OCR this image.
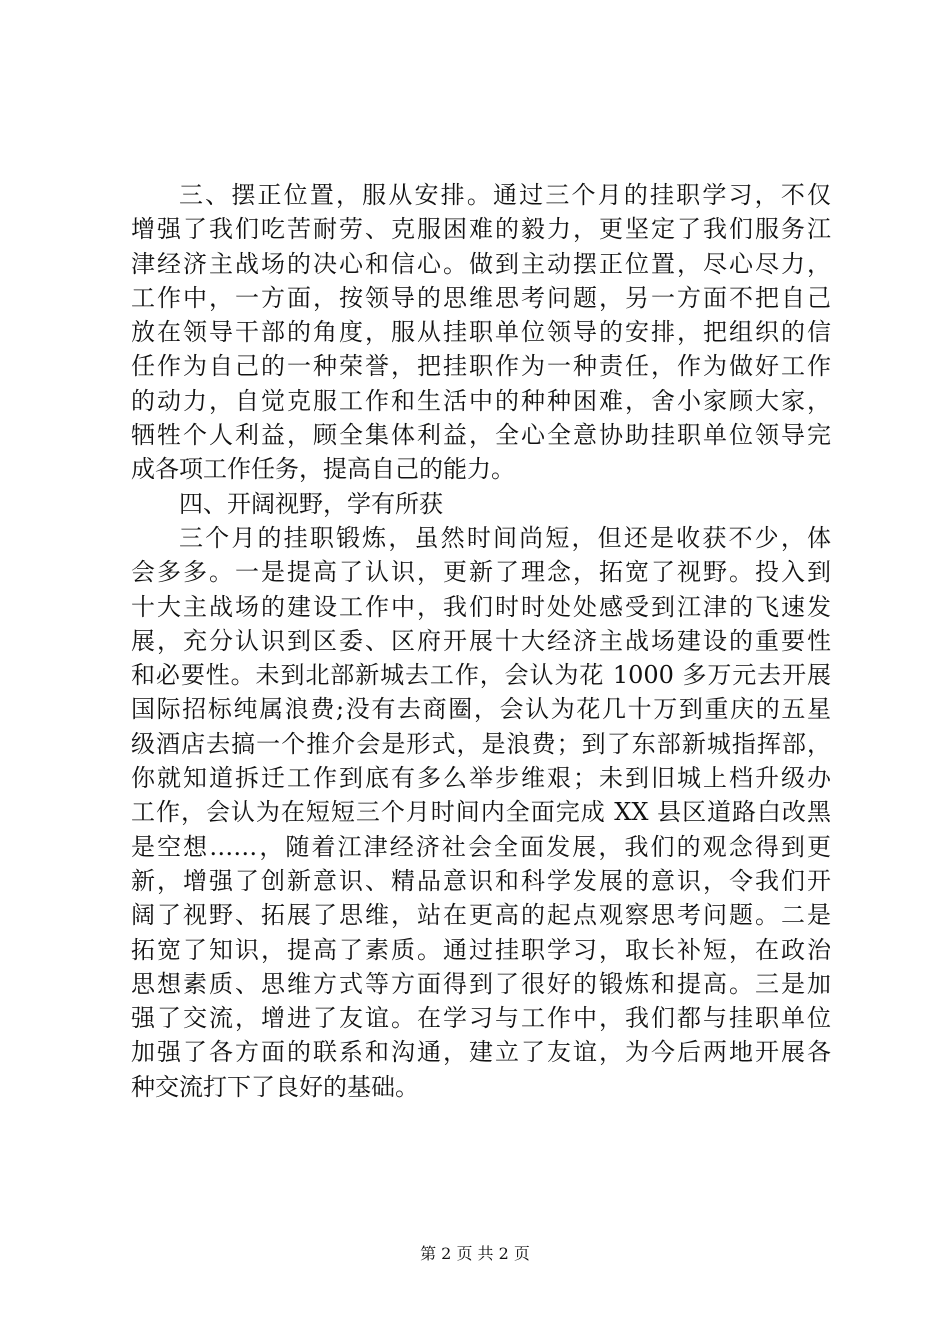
三、摆正位置，服从安排。通过三个月的挂职学习，不仅
增强了我们吃苦耐劳、克服困难的毅力，更坚定了我们服务江
津经济主战场的决心和信心。做到主动摆正位置，尽心尽力，
工作中，一方面，按领导的思维思考问题，另一方面不把自己
放在领导干部的角度，服从挂职单位领导的安排，把组织的信
任作为自己的一种荣誉，把挂职作为一种责任，作为做好工作
的动力，自觉克服工作和生活中的种种困难，舍小家顾大家，
牺牲个人利益，顾全集体利益，全心全意协助挂职单位领导完
成各项工作任务，提高自己的能力。
四、开阔视野，学有所获
三个月的挂职锻炼，虽然时间尚短，但还是收获不少，体
会多多。一是提高了认识，更新了理念，拓宽了视野。投入到
十大主战场的建设工作中，我们时时处处感受到江津的飞速发
展，充分认识到区委、区府开展十大经济主战场建设的重要性
和必要性。未到北部新城去工作，会认为花 1000 多万元去开展
国际招标纯属浪费;没有去商圈，会认为花几十万到重庆的五星
级酒店去搞一个推介会是形式，是浪费；到了东部新城指挥部，
你就知道拆迁工作到底有多么举步维艰；未到旧城上档升级办
工作，会认为在短短三个月时间内全面完成 XX 县区道路白改黑
是空想……，随着江津经济社会全面发展，我们的观念得到更
新，增强了创新意识、精品意识和科学发展的意识，令我们开
阔了视野、拓展了思维，站在更高的起点观察思考问题。二是
拓宽了知识，提高了素质。通过挂职学习，取长补短，在政治
思想素质、思维方式等方面得到了很好的锻炼和提高。三是加
强了交流，增进了友谊。在学习与工作中，我们都与挂职单位
加强了各方面的联系和沟通，建立了友谊，为今后两地开展各
种交流打下了良好的基础。
第 2 页 共 2 页
